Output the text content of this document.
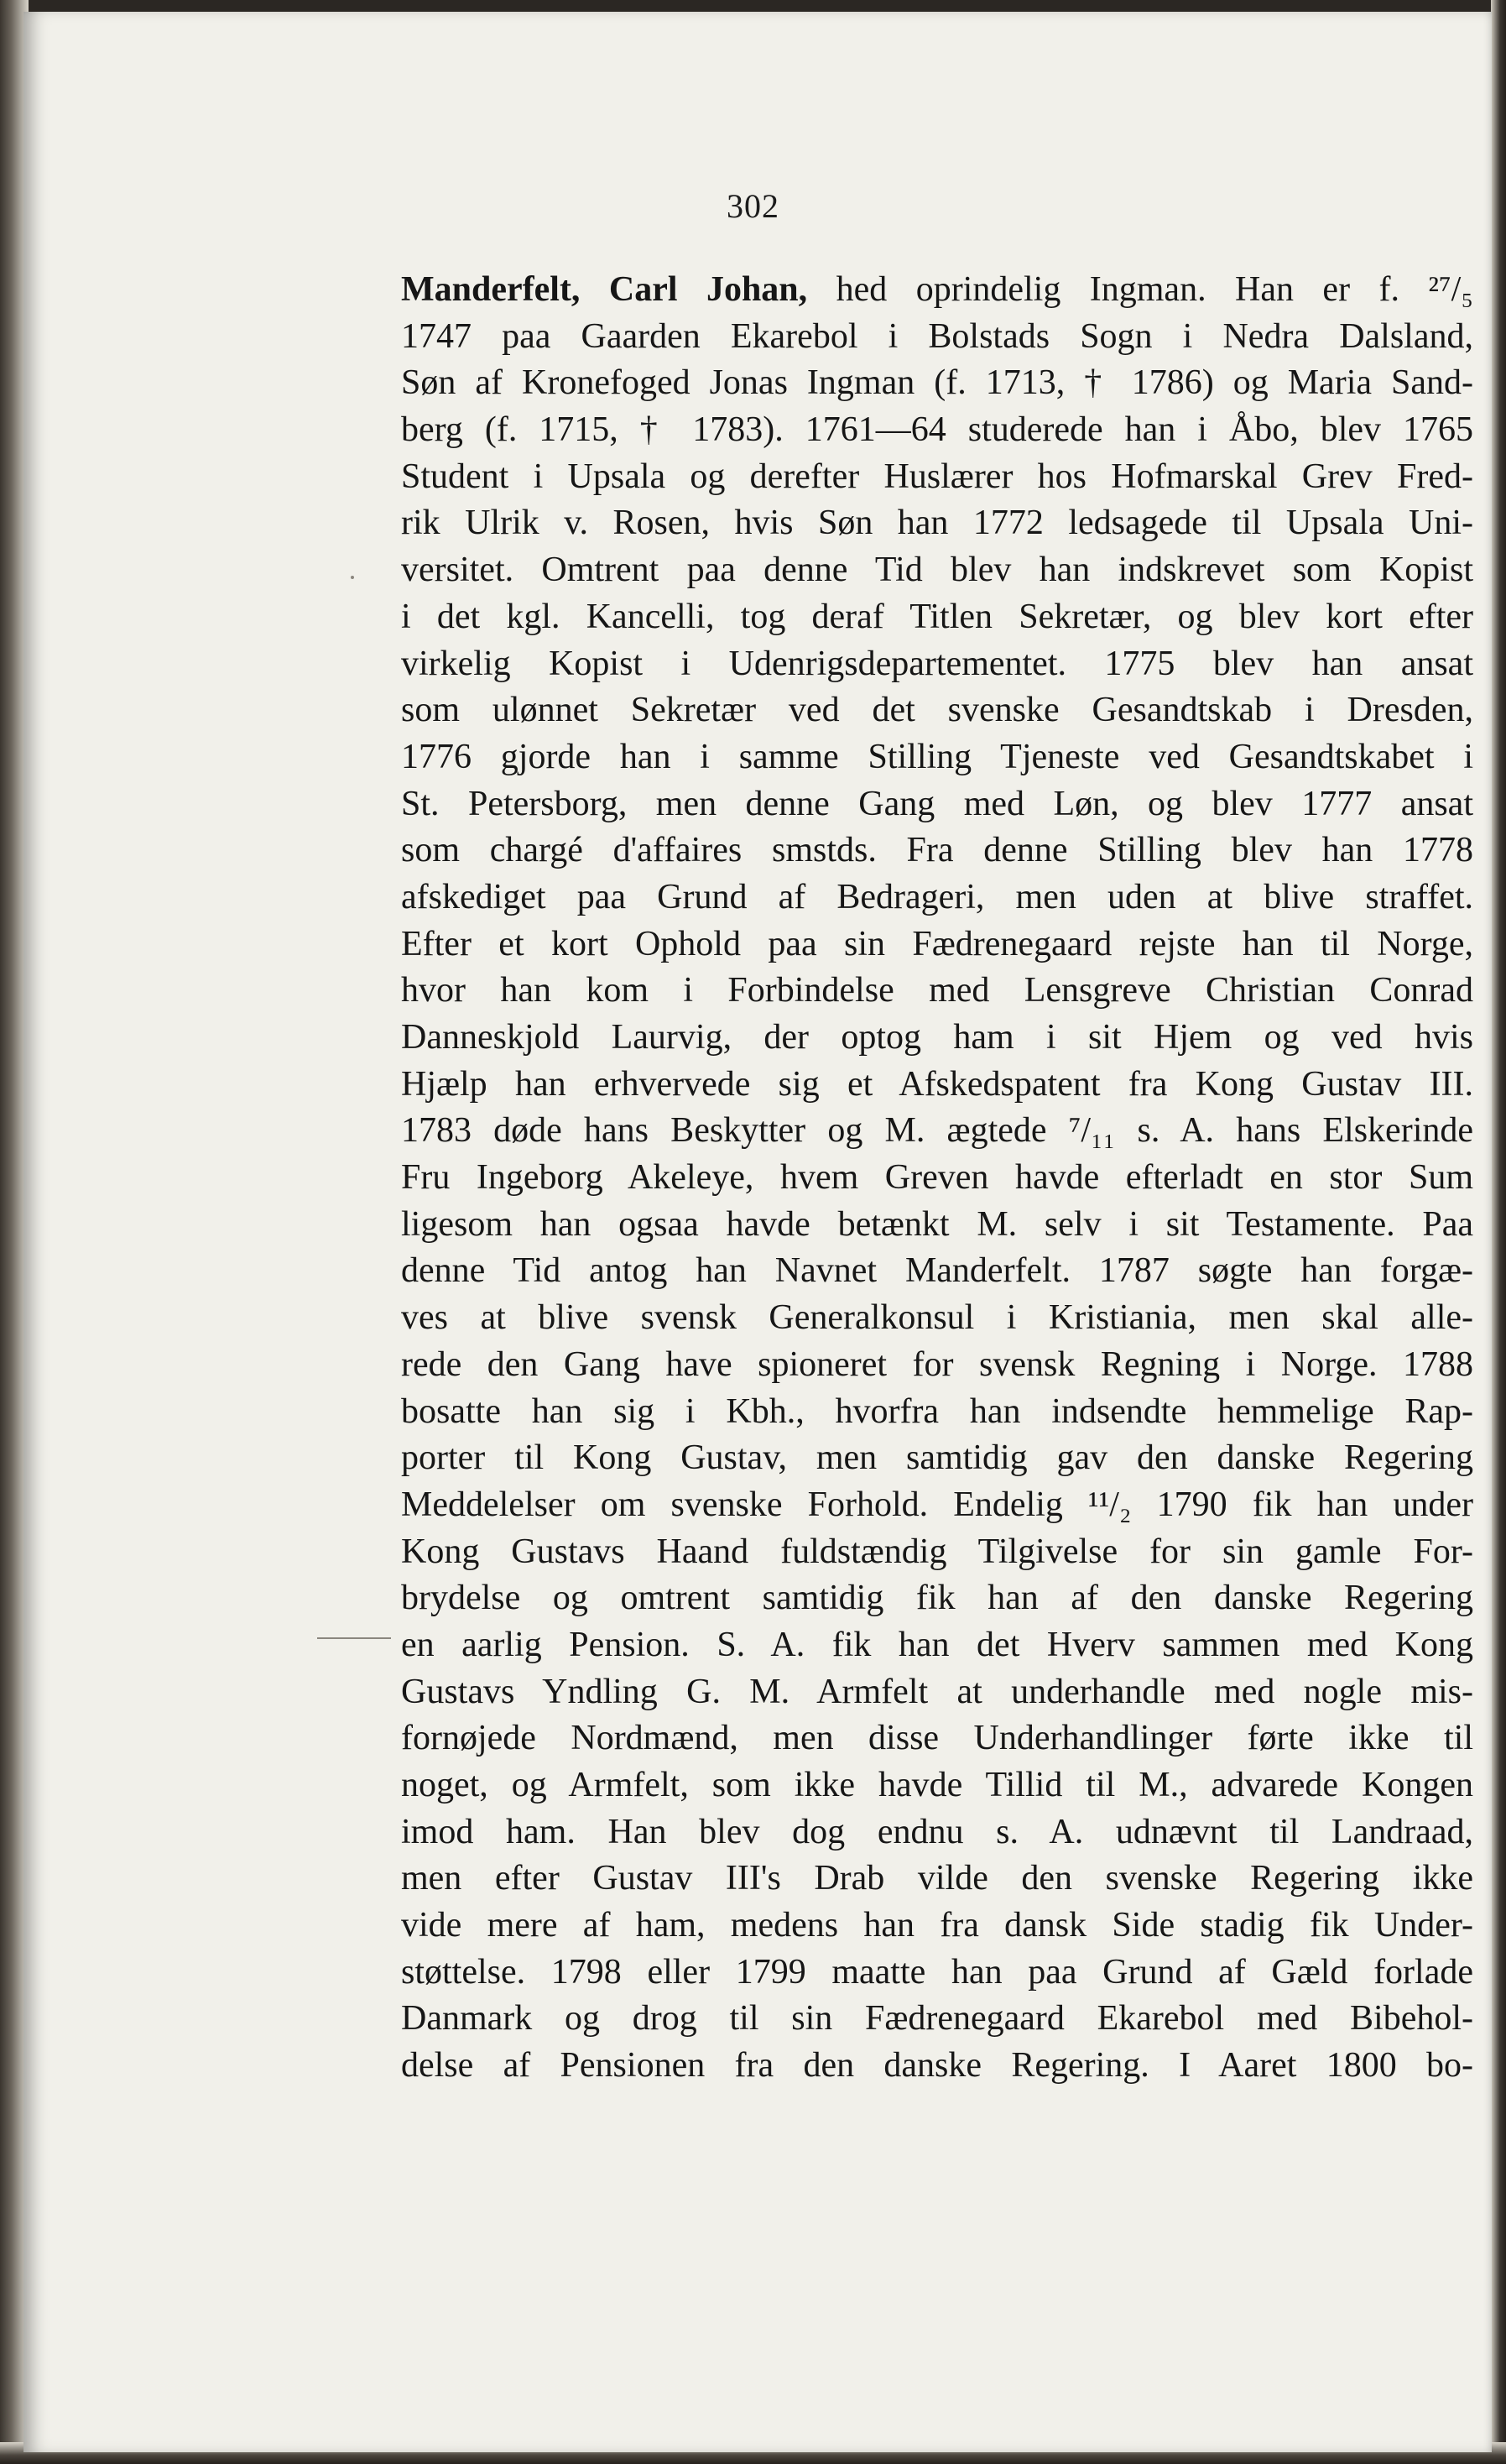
302
Manderfelt, Carl Johan, hed oprindelig Ingman. Han er f. ²⁷/₅
1747 paa Gaarden Ekarebol i Bolstads Sogn i Nedra Dalsland,
Søn af Kronefoged Jonas Ingman (f. 1713, † 1786) og Maria Sand-
berg (f. 1715, † 1783). 1761—64 studerede han i Åbo, blev 1765
Student i Upsala og derefter Huslærer hos Hofmarskal Grev Fred-
rik Ulrik v. Rosen, hvis Søn han 1772 ledsagede til Upsala Uni-
versitet. Omtrent paa denne Tid blev han indskrevet som Kopist
i det kgl. Kancelli, tog deraf Titlen Sekretær, og blev kort efter
virkelig Kopist i Udenrigsdepartementet. 1775 blev han ansat
som ulønnet Sekretær ved det svenske Gesandtskab i Dresden,
1776 gjorde han i samme Stilling Tjeneste ved Gesandtskabet i
St. Petersborg, men denne Gang med Løn, og blev 1777 ansat
som chargé d'affaires smstds. Fra denne Stilling blev han 1778
afskediget paa Grund af Bedrageri, men uden at blive straffet.
Efter et kort Ophold paa sin Fædrenegaard rejste han til Norge,
hvor han kom i Forbindelse med Lensgreve Christian Conrad
Danneskjold Laurvig, der optog ham i sit Hjem og ved hvis
Hjælp han erhvervede sig et Afskedspatent fra Kong Gustav III.
1783 døde hans Beskytter og M. ægtede ⁷/₁₁ s. A. hans Elskerinde
Fru Ingeborg Akeleye, hvem Greven havde efterladt en stor Sum
ligesom han ogsaa havde betænkt M. selv i sit Testamente. Paa
denne Tid antog han Navnet Manderfelt. 1787 søgte han forgæ-
ves at blive svensk Generalkonsul i Kristiania, men skal alle-
rede den Gang have spioneret for svensk Regning i Norge. 1788
bosatte han sig i Kbh., hvorfra han indsendte hemmelige Rap-
porter til Kong Gustav, men samtidig gav den danske Regering
Meddelelser om svenske Forhold. Endelig ¹¹/₂ 1790 fik han under
Kong Gustavs Haand fuldstændig Tilgivelse for sin gamle For-
brydelse og omtrent samtidig fik han af den danske Regering
en aarlig Pension. S. A. fik han det Hverv sammen med Kong
Gustavs Yndling G. M. Armfelt at underhandle med nogle mis-
fornøjede Nordmænd, men disse Underhandlinger førte ikke til
noget, og Armfelt, som ikke havde Tillid til M., advarede Kongen
imod ham. Han blev dog endnu s. A. udnævnt til Landraad,
men efter Gustav III's Drab vilde den svenske Regering ikke
vide mere af ham, medens han fra dansk Side stadig fik Under-
støttelse. 1798 eller 1799 maatte han paa Grund af Gæld forlade
Danmark og drog til sin Fædrenegaard Ekarebol med Bibehol-
delse af Pensionen fra den danske Regering. I Aaret 1800 bo-
